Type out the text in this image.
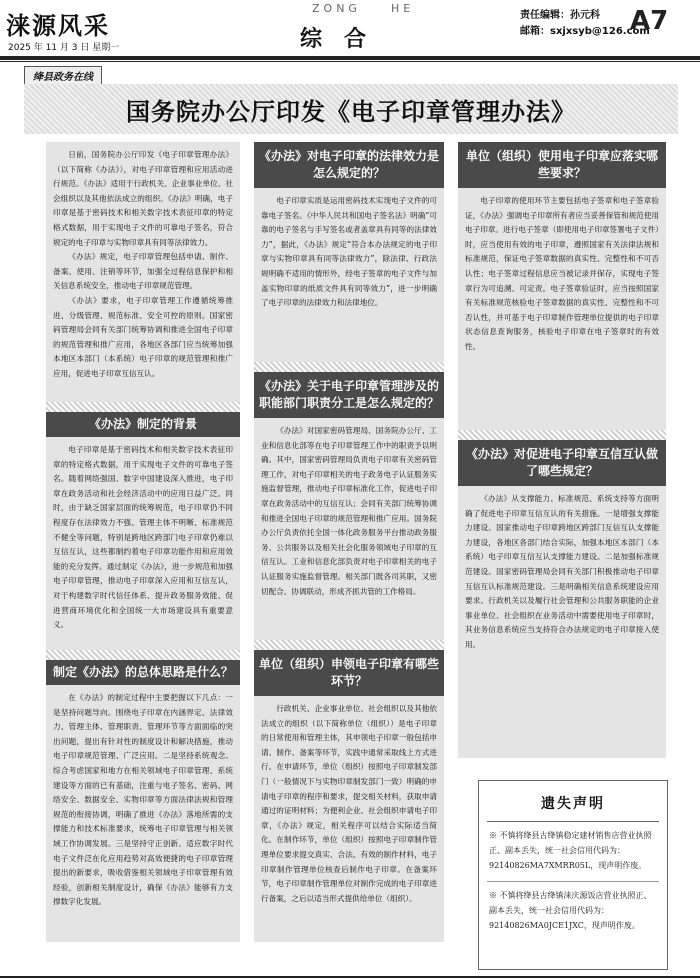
涞源风采
2025 年 11 月 3 日 星期一
ZONG	HE
综合
责任编辑：孙元科
邮箱：sxjxsyb@126.com
A7
绛县政务在线
国务院办公厅印发《电子印章管理办法》

日前，国务院办公厅印发《电子印章管理办法》（以下简称《办法》），对电子印章管理和应用活动进行规范。《办法》适用于行政机关、企业事业单位、社会组织以及其他依法成立的组织。《办法》明确，电子印章是基于密码技术和相关数字技术表征印章的特定格式数据，用于实现电子文件的可靠电子签名，符合规定的电子印章与实物印章具有同等法律效力。

《办法》规定，电子印章管理包括申请、制作、备案、使用、注销等环节，加强全过程信息保护和相关信息系统安全，推动电子印章规范管理。

《办法》要求，电子印章管理工作遵循统筹推进、分级管理、规范标准、安全可控的原则。国家密码管理局会同有关部门统筹协调和推进全国电子印章的规范管理和推广应用，各地区各部门应当统筹加强本地区本部门（本系统）电子印章的规范管理和推广应用，促进电子印章互信互认。

《办法》制定的背景

电子印章是基于密码技术和相关数字技术表征印章的特定格式数据，用于实现电子文件的可靠电子签名。随着网络强国、数字中国建设深入推进，电子印章在政务活动和社会经济活动中的应用日益广泛。同时，由于缺乏国家层面的统筹规范，电子印章仍不同程度存在法律效力不强、管理主体不明晰、标准规范不健全等问题，特别是跨地区跨部门电子印章仍难以互信互认，这些都制约着电子印章功能作用和应用效能的充分发挥。通过制定《办法》，进一步规范和加强电子印章管理，推动电子印章深入应用和互信互认，对于构建数字时代信任体系、提升政务服务效能、促进营商环境优化和全国统一大市场建设具有重要意义。

制定《办法》的总体思路是什么？

在《办法》的制定过程中主要把握以下几点：一是坚持问题导向。围绕电子印章在内涵界定、法律效力、管理主体、管理职责、管理环节等方面面临的突出问题，提出有针对性的制度设计和解决措施，推动电子印章规范管理、广泛应用。二是坚持系统观念。综合考虑国家和地方在相关领域电子印章管理、系统建设等方面的已有基础，注重与电子签名、密码、网络安全、数据安全、实物印章等方面法律法规和管理规范的衔接协调，明确了推进《办法》落地所需的支撑能力和技术标准要求，统筹电子印章管理与相关领域工作协调发展。三是坚持守正创新。适应数字时代电子文件泛在化应用趋势对高效便捷的电子印章管理提出的新要求，吸收借鉴相关领域电子印章管理有效经验，创新相关制度设计，确保《办法》能够有力支撑数字化发展。

《办法》对电子印章的法律效力是怎么规定的？

电子印章实质是运用密码技术实现电子文件的可靠电子签名。《中华人民共和国电子签名法》明确“可靠的电子签名与手写签名或者盖章具有同等的法律效力”，据此，《办法》规定“符合本办法规定的电子印章与实物印章具有同等法律效力”，除法律、行政法规明确不适用的情形外，经电子签章的电子文件与加盖实物印章的纸质文件具有同等效力”，进一步明确了电子印章的法律效力和法律地位。

《办法》关于电子印章管理涉及的职能部门职责分工是怎么规定的？

《办法》对国家密码管理局、国务院办公厅、工业和信息化部等在电子印章管理工作中的职责予以明确。其中，国家密码管理局负责电子印章有关密码管理工作，对电子印章相关的电子政务电子认证服务实施监督管理，推动电子印章标准化工作，促进电子印章在政务活动中的互信互认；会同有关部门统筹协调和推进全国电子印章的规范管理和推广应用。国务院办公厅负责依托全国一体化政务服务平台推动政务服务、公共服务以及相关社会化服务领域电子印章的互信互认。工业和信息化部负责对电子印章相关的电子认证服务实施监督管理。相关部门既各司其职，又密切配合、协调联动，形成齐抓共管的工作格局。

单位（组织）申领电子印章有哪些环节？

行政机关、企业事业单位、社会组织以及其他依法成立的组织（以下简称单位（组织））是电子印章的日常使用和管理主体，其申领电子印章一般包括申请、制作、备案等环节，实践中通常采取线上方式进行。在申请环节，单位（组织）按照电子印章制发部门（一般情况下与实物印章制发部门一致）明确的申请电子印章的程序和要求，提交相关材料，获取申请通过的证明材料；为便利企业、社会组织申请电子印章，《办法》规定，相关程序可以结合实际适当简化。在制作环节，单位（组织）按照电子印章制作管理单位要求提交真实、合法、有效的制作材料，电子印章制作管理单位核查后制作电子印章。在备案环节，电子印章制作管理单位对制作完成的电子印章进行备案，之后以适当形式提供给单位（组织）。

单位（组织）使用电子印章应落实哪些要求？

电子印章的使用环节主要包括电子签章和电子签章验证，《办法》强调电子印章所有者应当妥善保管和规范使用电子印章。进行电子签章（即使用电子印章签署电子文件）时，应当使用有效的电子印章，遵照国家有关法律法规和标准规范，保证电子签章数据的真实性、完整性和不可否认性；电子签章过程信息应当被记录并保存，实现电子签章行为可追溯、可定责。电子签章验证时，应当按照国家有关标准规范核验电子签章数据的真实性、完整性和不可否认性，并可基于电子印章制作管理单位提供的电子印章状态信息查询服务，核验电子印章在电子签章时的有效性。

《办法》对促进电子印章互信互认做了哪些规定？

《办法》从支撑能力、标准规范、系统支持等方面明确了促进电子印章互信互认的有关措施。一是增强支撑能力建设。国家推动电子印章跨地区跨部门互信互认支撑能力建设，各地区各部门结合实际，加强本地区本部门（本系统）电子印章互信互认支撑能力建设。二是加强标准规范建设。国家密码管理局会同有关部门积极推动电子印章互信互认标准规范建设。三是明确相关信息系统建设应用要求。行政机关以及履行社会管理和公共服务职能的企业事业单位、社会组织在业务活动中需要使用电子印章时，其业务信息系统应当支持符合办法规定的电子印章接入使用。

遗失声明
※ 不慎将绛县古绛镇稳定建材销售店营业执照正、副本丢失，统一社会信用代码为：92140826MA7XMRR05L，现声明作废。
※ 不慎将绛县古绛镇涞庆源饭店营业执照正、副本丢失，统一社会信用代码为：92140826MA0JCE1JXC，现声明作废。
